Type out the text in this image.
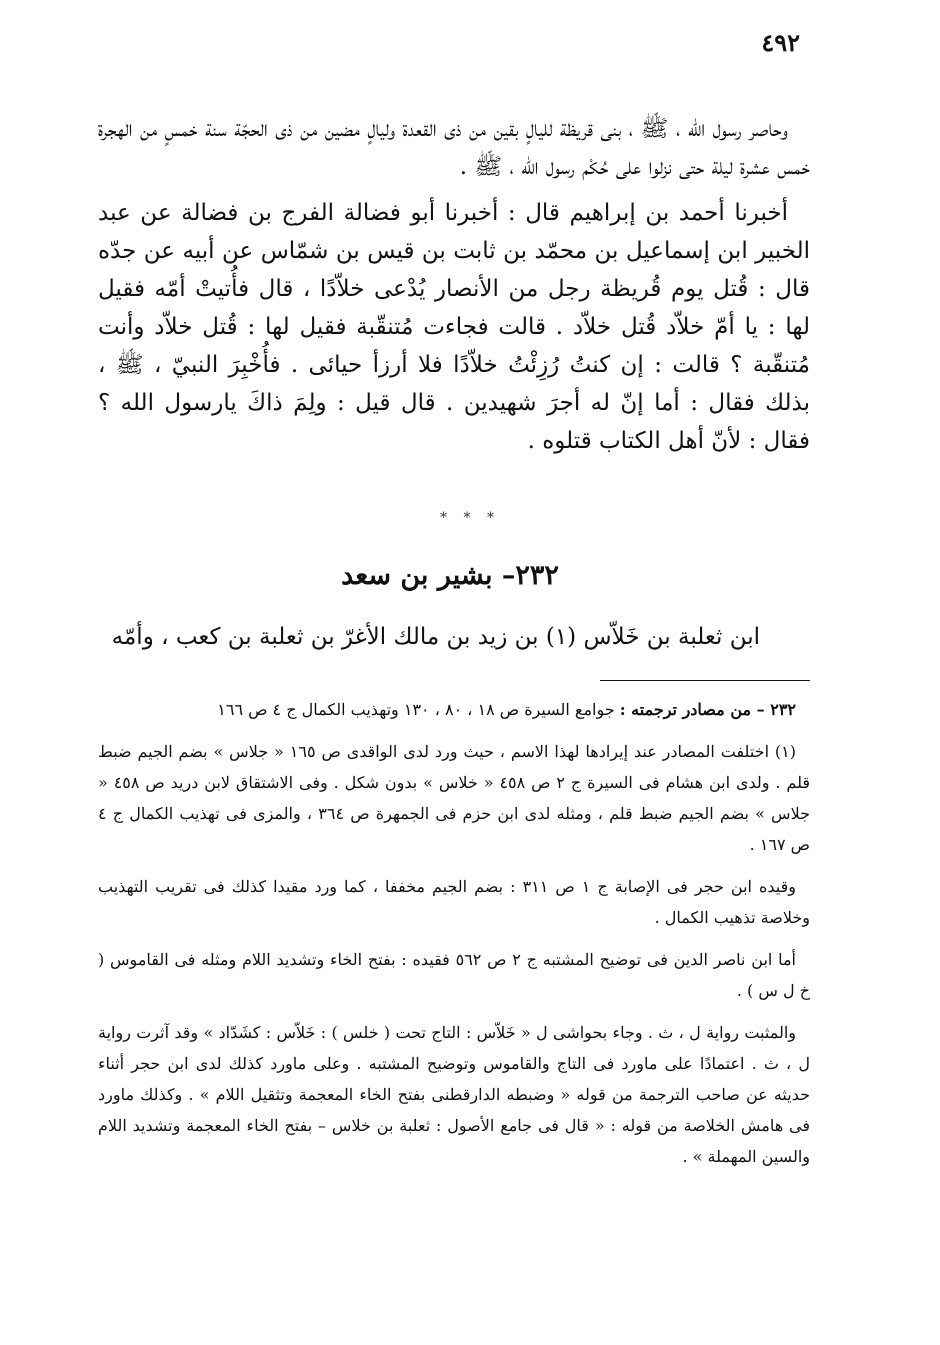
٤٩٢

وحاصر رسول الله ، ﷺ ، بنى قريظة لليالٍ بقين من ذى القعدة وليالٍ مضين من ذى الحجّة سنة خمسٍ من الهجرة خمس عشرة ليلة حتى نزلوا على حُكْم رسول الله ، ﷺ .

أخبرنا أحمد بن إبراهيم قال : أخبرنا أبو فضالة الفرج بن فضالة عن عبد الخبير ابن إسماعيل بن محمّد بن ثابت بن قيس بن شمّاس عن أبيه عن جدّه قال : قُتل يوم قُريظة رجل من الأنصار يُدْعى خلاّدًا ، قال فأُتيتْ أمّه فقيل لها : يا أمّ خلاّد قُتل خلاّد . قالت فجاءت مُتنقّبة فقيل لها : قُتل خلاّد وأنت مُتنقّبة ؟ قالت : إن كنتُ رُزِئْتُ خلاّدًا فلا أرزأ حيائى . فأُخْبِرَ النبيّ ، ﷺ ، بذلك فقال : أما إنّ له أجرَ شهيدين . قال قيل : ولِمَ ذاكَ يارسول الله ؟ فقال : لأنّ أهل الكتاب قتلوه .

* * *
٢٣٢– بشير بن سعد
ابن ثعلبة بن خَلاّس (١) بن زيد بن مالك الأغرّ بن ثعلبة بن كعب ، وأمّه

٢٣٢ – من مصادر ترجمته : جوامع السيرة ص ١٨ ، ٨٠ ، ١٣٠ وتهذيب الكمال ج ٤ ص ١٦٦

(١) اختلفت المصادر عند إيرادها لهذا الاسم ، حيث ورد لدى الواقدى ص ١٦٥ « جلاس » بضم الجيم ضبط قلم . ولدى ابن هشام فى السيرة ج ٢ ص ٤٥٨ « خلاس » بدون شكل . وفى الاشتقاق لابن دريد ص ٤٥٨ « جلاس » بضم الجيم ضبط قلم ، ومثله لدى ابن حزم فى الجمهرة ص ٣٦٤ ، والمزى فى تهذيب الكمال ج ٤ ص ١٦٧ .

وقيده ابن حجر فى الإصابة ج ١ ص ٣١١ : بضم الجيم مخففا ، كما ورد مقيدا كذلك فى تقريب التهذيب وخلاصة تذهيب الكمال .

أما ابن ناصر الدين فى توضيح المشتبه ج ٢ ص ٥٦٢ فقيده : بفتح الخاء وتشديد اللام ومثله فى القاموس ( خ ل س ) .

والمثبت رواية ل ، ث . وجاء بحواشى ل « خَلاّس : التاج تحت ( خلس ) : خَلاّس : كشَدّاد » وقد آثرت رواية ل ، ث . اعتمادًا على ماورد فى التاج والقاموس وتوضيح المشتبه . وعلى ماورد كذلك لدى ابن حجر أثناء حديثه عن صاحب الترجمة من قوله « وضبطه الدارقطنى بفتح الخاء المعجمة وتثقيل اللام » . وكذلك ماورد فى هامش الخلاصة من قوله : « قال فى جامع الأصول : ثعلبة بن خلاس – بفتح الخاء المعجمة وتشديد اللام والسين المهملة » .
